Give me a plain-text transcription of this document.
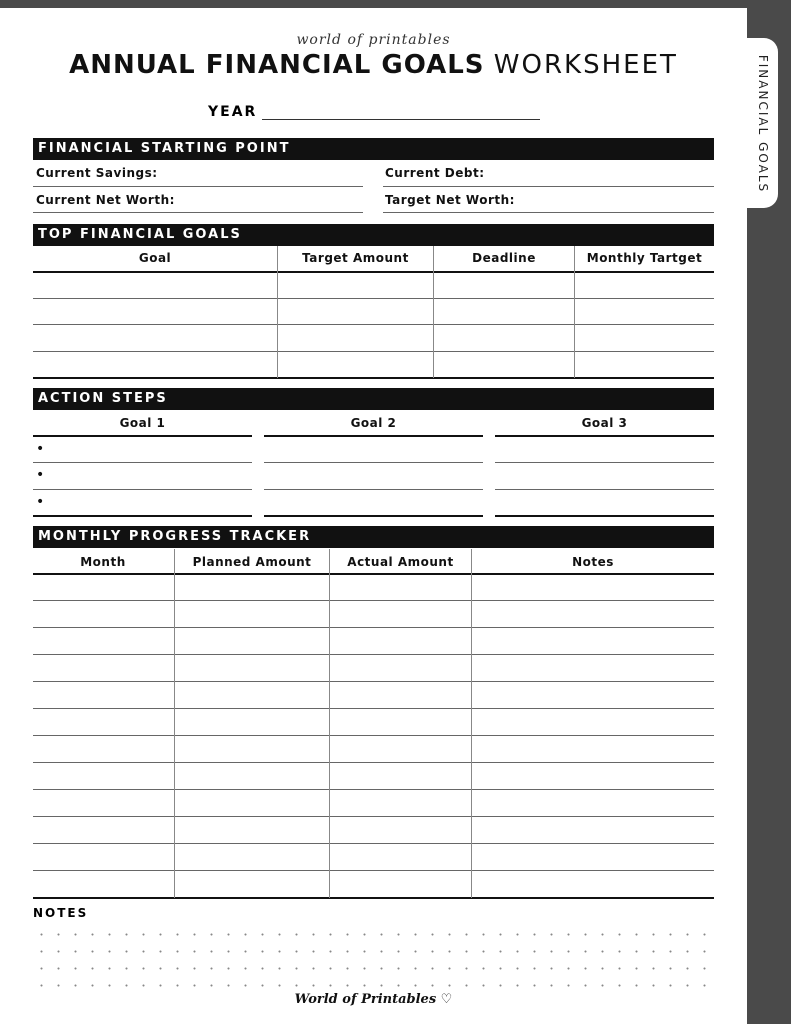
FINANCIAL GOALS
world of printables
ANNUAL FINANCIAL GOALS WORKSHEET
YEAR
FINANCIAL STARTING POINT
Current Savings:	Current Debt:
Current Net Worth:	Target Net Worth:
TOP FINANCIAL GOALS
Goal	Target Amount	Deadline	Monthly Tartget
ACTION STEPS
Goal 1	Goal 2	Goal 3
•
•
•
MONTHLY PROGRESS TRACKER
Month	Planned Amount	Actual Amount	Notes
NOTES
World of Printables ♡
